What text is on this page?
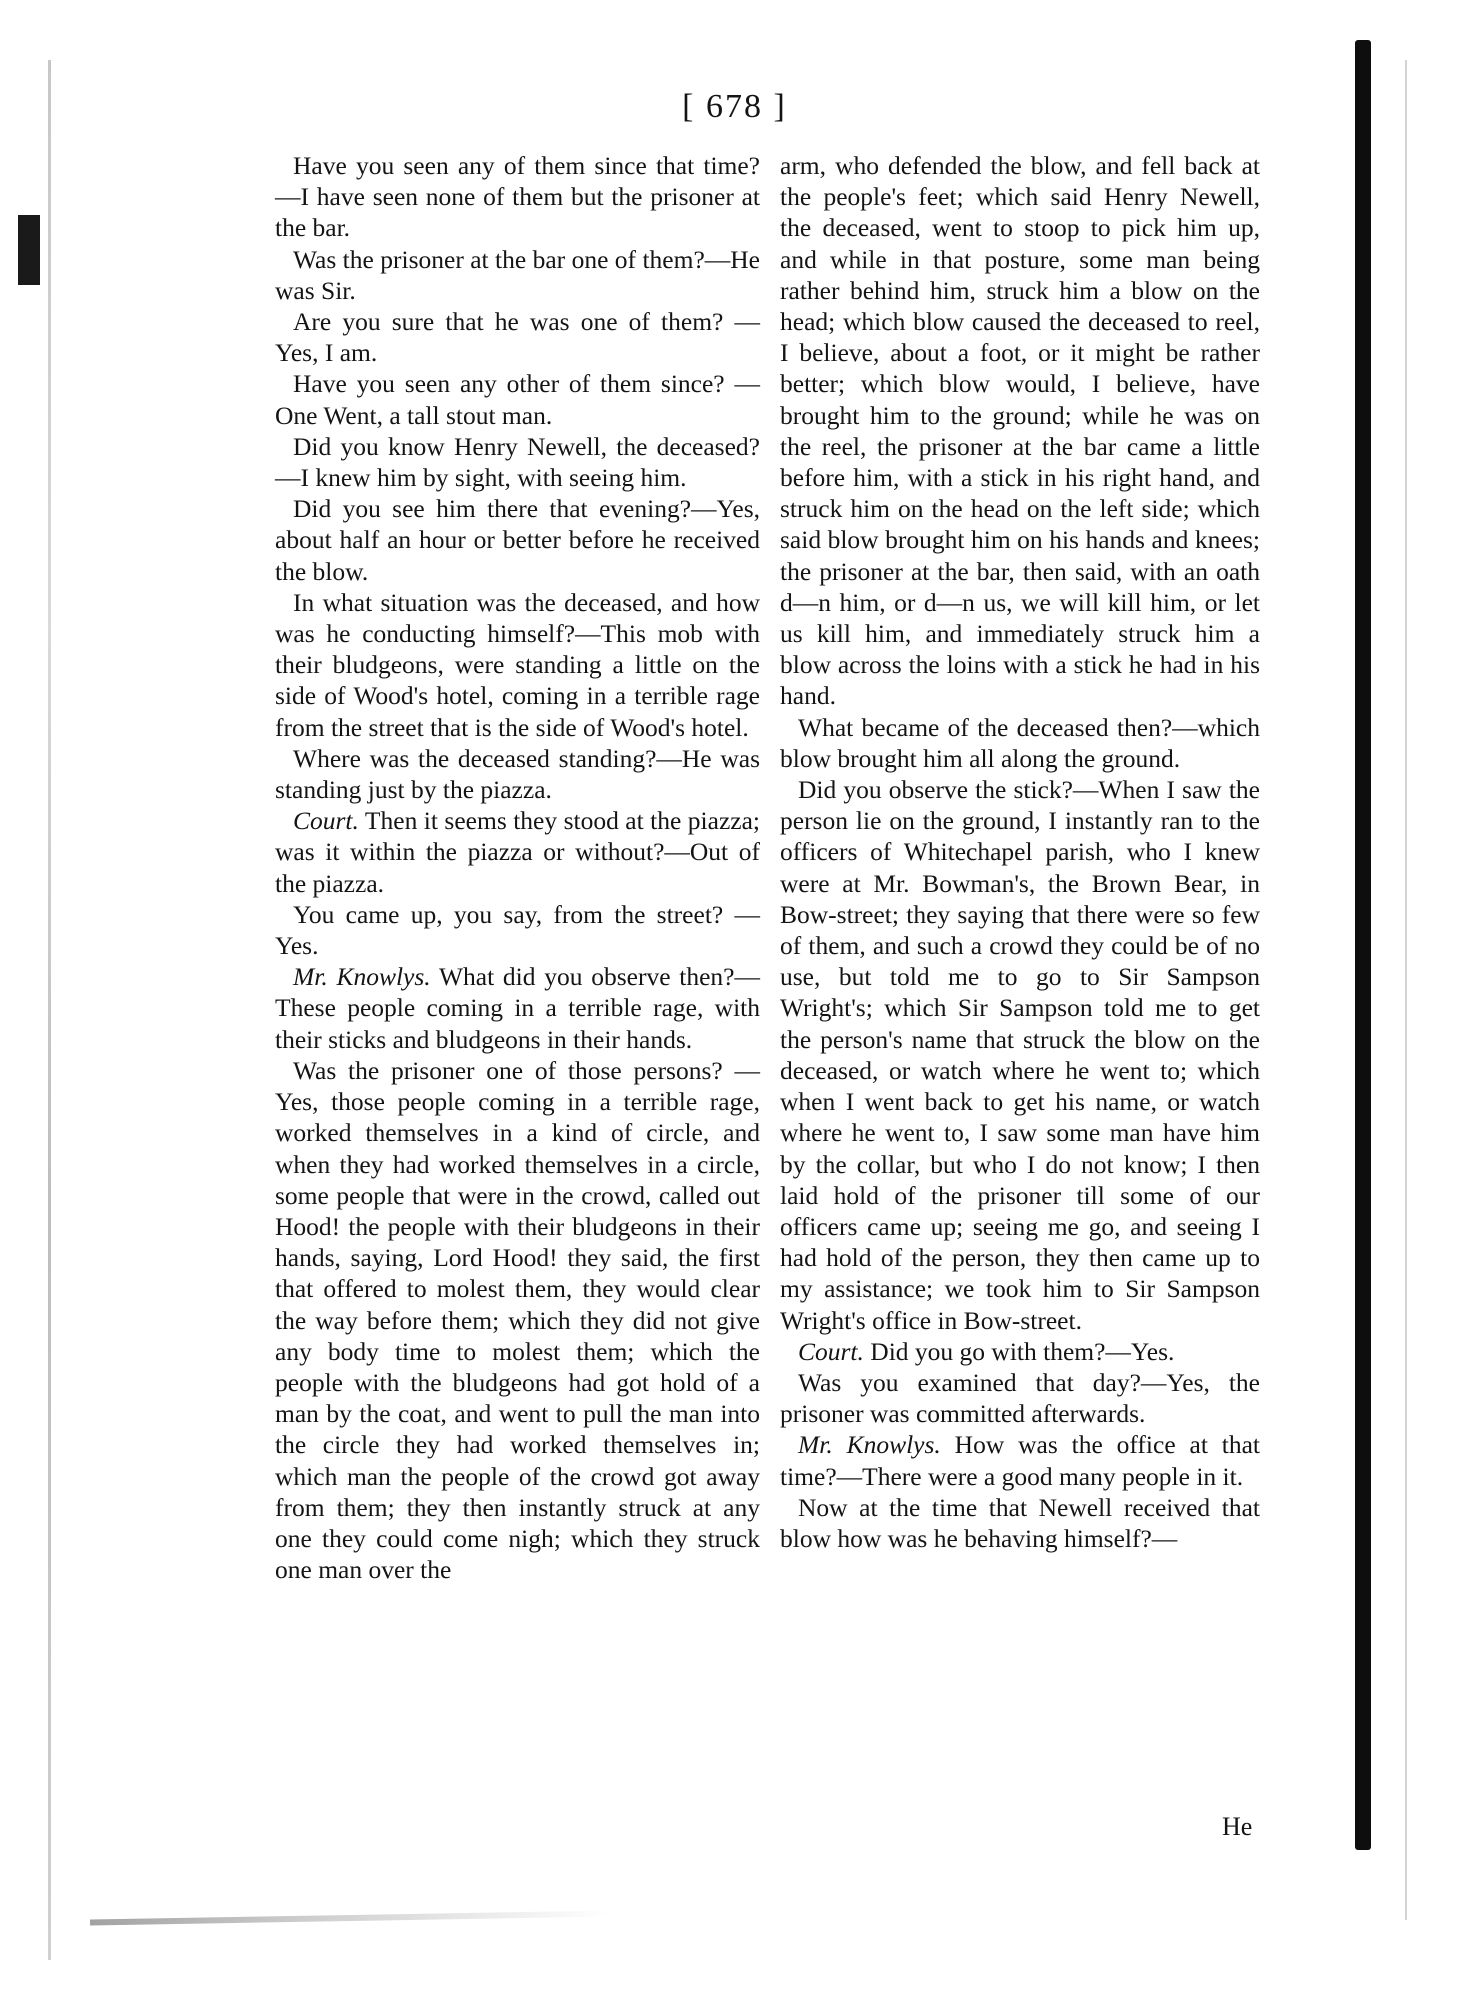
[ 678 ]

Have you seen any of them since that time?—I have seen none of them but the prisoner at the bar.

Was the prisoner at the bar one of them?—He was Sir.

Are you sure that he was one of them? —Yes, I am.

Have you seen any other of them since? —One Went, a tall stout man.

Did you know Henry Newell, the deceased?—I knew him by sight, with seeing him.

Did you see him there that evening?—Yes, about half an hour or better before he received the blow.

In what situation was the deceased, and how was he conducting himself?—This mob with their bludgeons, were standing a little on the side of Wood's hotel, coming in a terrible rage from the street that is the side of Wood's hotel.

Where was the deceased standing?—He was standing just by the piazza.

Court. Then it seems they stood at the piazza; was it within the piazza or without?—Out of the piazza.

You came up, you say, from the street? —Yes.

Mr. Knowlys. What did you observe then?—These people coming in a terrible rage, with their sticks and bludgeons in their hands.

Was the prisoner one of those persons? —Yes, those people coming in a terrible rage, worked themselves in a kind of circle, and when they had worked themselves in a circle, some people that were in the crowd, called out Hood! the people with their bludgeons in their hands, saying, Lord Hood! they said, the first that offered to molest them, they would clear the way before them; which they did not give any body time to molest them; which the people with the bludgeons had got hold of a man by the coat, and went to pull the man into the circle they had worked themselves in; which man the people of the crowd got away from them; they then instantly struck at any one they could come nigh; which they struck one man over the

arm, who defended the blow, and fell back at the people's feet; which said Henry Newell, the deceased, went to stoop to pick him up, and while in that posture, some man being rather behind him, struck him a blow on the head; which blow caused the deceased to reel, I believe, about a foot, or it might be rather better; which blow would, I believe, have brought him to the ground; while he was on the reel, the prisoner at the bar came a little before him, with a stick in his right hand, and struck him on the head on the left side; which said blow brought him on his hands and knees; the prisoner at the bar, then said, with an oath d—n him, or d—n us, we will kill him, or let us kill him, and immediately struck him a blow across the loins with a stick he had in his hand.

What became of the deceased then?—which blow brought him all along the ground.

Did you observe the stick?—When I saw the person lie on the ground, I instantly ran to the officers of Whitechapel parish, who I knew were at Mr. Bowman's, the Brown Bear, in Bow-street; they saying that there were so few of them, and such a crowd they could be of no use, but told me to go to Sir Sampson Wright's; which Sir Sampson told me to get the person's name that struck the blow on the deceased, or watch where he went to; which when I went back to get his name, or watch where he went to, I saw some man have him by the collar, but who I do not know; I then laid hold of the prisoner till some of our officers came up; seeing me go, and seeing I had hold of the person, they then came up to my assistance; we took him to Sir Sampson Wright's office in Bow-street.

Court. Did you go with them?—Yes.

Was you examined that day?—Yes, the prisoner was committed afterwards.

Mr. Knowlys. How was the office at that time?—There were a good many people in it.

Now at the time that Newell received that blow how was he behaving himself?—

He
